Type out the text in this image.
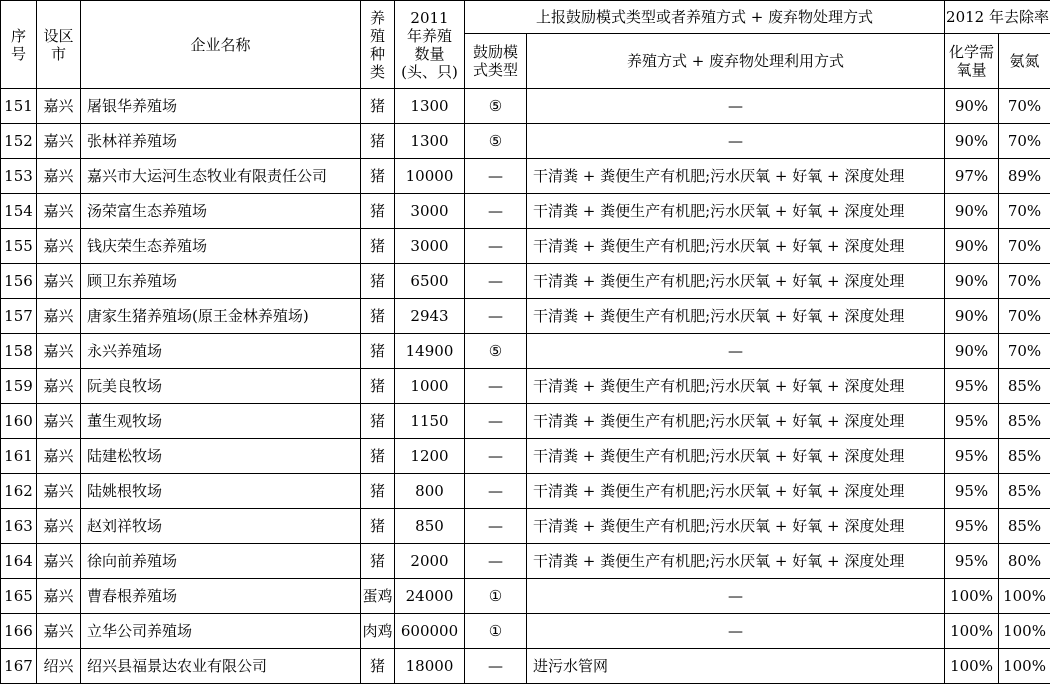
序号	设区市	企业名称	养殖种类	2011 年养殖数量(头、只)	上报鼓励模式类型或者养殖方式 + 废弃物处理方式		2012 年去除率	
					鼓励模式类型	养殖方式 + 废弃物处理利用方式	化学需氧量	氨氮
151	嘉兴	屠银华养殖场	猪	1300	⑤	—	90%	70%
152	嘉兴	张林祥养殖场	猪	1300	⑤	—	90%	70%
153	嘉兴	嘉兴市大运河生态牧业有限责任公司	猪	10000	—	干清粪 + 粪便生产有机肥;污水厌氧 + 好氧 + 深度处理	97%	89%
154	嘉兴	汤荣富生态养殖场	猪	3000	—	干清粪 + 粪便生产有机肥;污水厌氧 + 好氧 + 深度处理	90%	70%
155	嘉兴	钱庆荣生态养殖场	猪	3000	—	干清粪 + 粪便生产有机肥;污水厌氧 + 好氧 + 深度处理	90%	70%
156	嘉兴	顾卫东养殖场	猪	6500	—	干清粪 + 粪便生产有机肥;污水厌氧 + 好氧 + 深度处理	90%	70%
157	嘉兴	唐家生猪养殖场(原王金林养殖场)	猪	2943	—	干清粪 + 粪便生产有机肥;污水厌氧 + 好氧 + 深度处理	90%	70%
158	嘉兴	永兴养殖场	猪	14900	⑤	—	90%	70%
159	嘉兴	阮美良牧场	猪	1000	—	干清粪 + 粪便生产有机肥;污水厌氧 + 好氧 + 深度处理	95%	85%
160	嘉兴	董生观牧场	猪	1150	—	干清粪 + 粪便生产有机肥;污水厌氧 + 好氧 + 深度处理	95%	85%
161	嘉兴	陆建松牧场	猪	1200	—	干清粪 + 粪便生产有机肥;污水厌氧 + 好氧 + 深度处理	95%	85%
162	嘉兴	陆姚根牧场	猪	800	—	干清粪 + 粪便生产有机肥;污水厌氧 + 好氧 + 深度处理	95%	85%
163	嘉兴	赵刘祥牧场	猪	850	—	干清粪 + 粪便生产有机肥;污水厌氧 + 好氧 + 深度处理	95%	85%
164	嘉兴	徐向前养殖场	猪	2000	—	干清粪 + 粪便生产有机肥;污水厌氧 + 好氧 + 深度处理	95%	80%
165	嘉兴	曹春根养殖场	蛋鸡	24000	①	—	100%	100%
166	嘉兴	立华公司养殖场	肉鸡	600000	①	—	100%	100%
167	绍兴	绍兴县福景达农业有限公司	猪	18000	—	进污水管网	100%	100%
